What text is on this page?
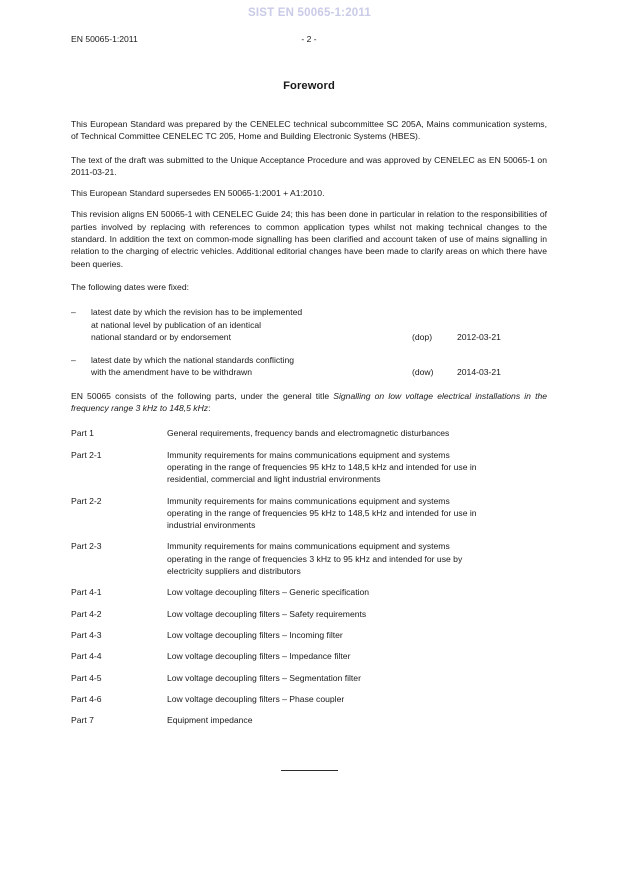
SIST EN 50065-1:2011
EN 50065-1:2011	- 2 -
Foreword

This European Standard was prepared by the CENELEC technical subcommittee SC 205A, Mains communication systems, of Technical Committee CENELEC TC 205, Home and Building Electronic Systems (HBES).

The text of the draft was submitted to the Unique Acceptance Procedure and was approved by CENELEC as EN 50065-1 on 2011-03-21.

This European Standard supersedes EN 50065-1:2001 + A1:2010.

This revision aligns EN 50065-1 with CENELEC Guide 24; this has been done in particular in relation to the responsibilities of parties involved by replacing with references to common application types whilst not making technical changes to the standard. In addition the text on common-mode signalling has been clarified and account taken of use of mains signalling in relation to the charging of electric vehicles. Additional editorial changes have been made to clarify areas on which there have been queries.

The following dates were fixed:

– latest date by which the revision has to be implemented
at national level by publication of an identical
national standard or by endorsement	(dop)	2012-03-21
– latest date by which the national standards conflicting
with the amendment have to be withdrawn	(dow)	2014-03-21

EN 50065 consists of the following parts, under the general title Signalling on low voltage electrical installations in the frequency range 3 kHz to 148,5 kHz:

Part 1	General requirements, frequency bands and electromagnetic disturbances
Part 2-1	Immunity requirements for mains communications equipment and systems
operating in the range of frequencies 95 kHz to 148,5 kHz and intended for use in
residential, commercial and light industrial environments
Part 2-2	Immunity requirements for mains communications equipment and systems
operating in the range of frequencies 95 kHz to 148,5 kHz and intended for use in
industrial environments
Part 2-3	Immunity requirements for mains communications equipment and systems
operating in the range of frequencies 3 kHz to 95 kHz and intended for use by
electricity suppliers and distributors
Part 4-1	Low voltage decoupling filters – Generic specification
Part 4-2	Low voltage decoupling filters – Safety requirements
Part 4-3	Low voltage decoupling filters – Incoming filter
Part 4-4	Low voltage decoupling filters – Impedance filter
Part 4-5	Low voltage decoupling filters – Segmentation filter
Part 4-6	Low voltage decoupling filters – Phase coupler
Part 7	Equipment impedance
